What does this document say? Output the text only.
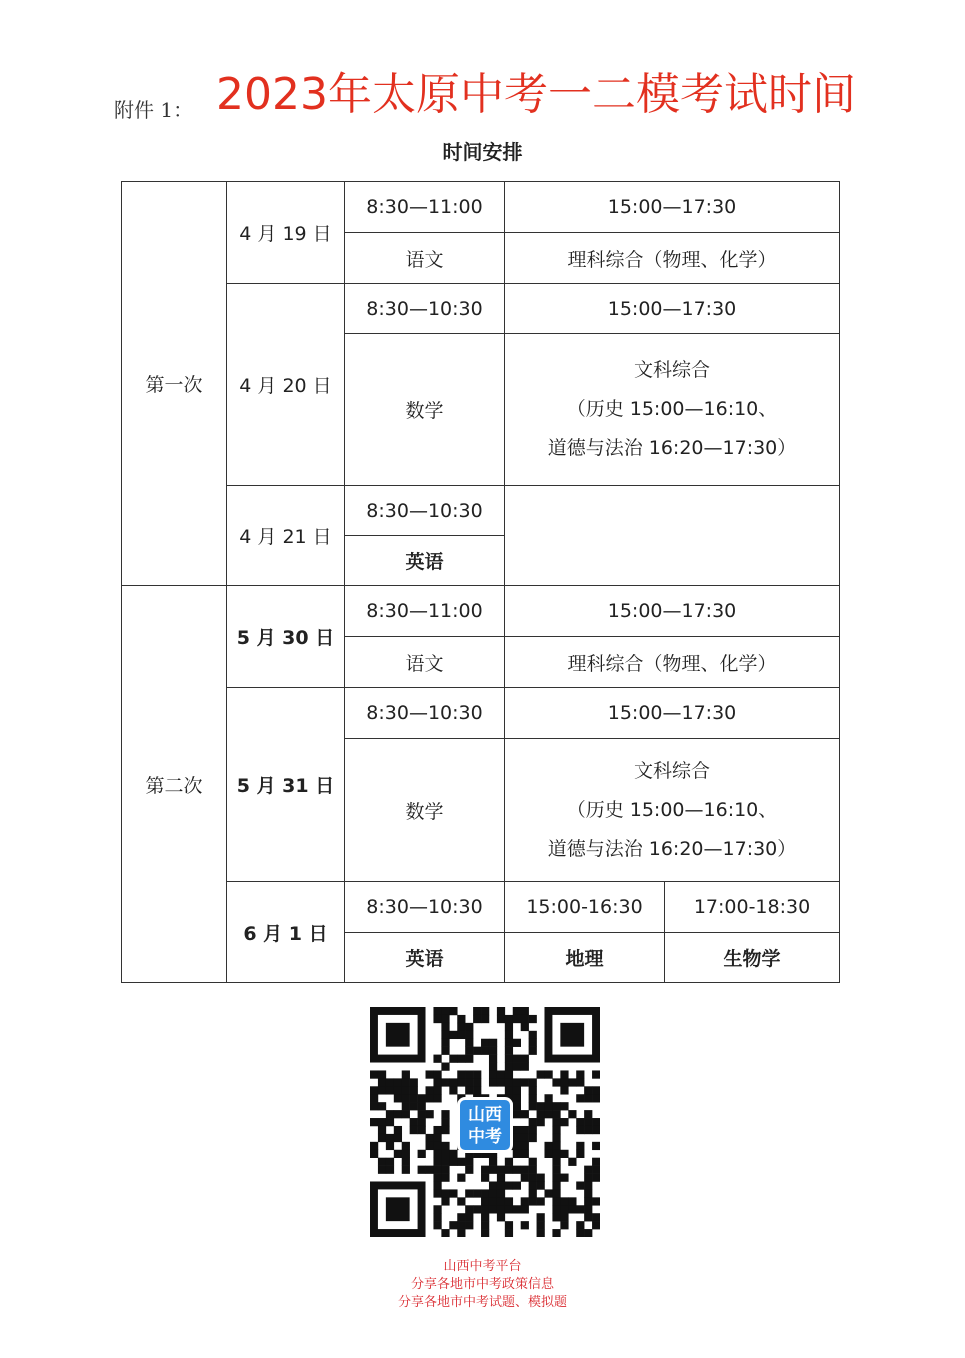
附件 1： 2023年太原中考一二模考试时间
时间安排
第一次	4 月 19 日	8:30—11:00	15:00—17:30	
		语文	理科综合（物理、化学）	
	4 月 20 日	8:30—10:30	15:00—17:30	
		数学	文科综合
（历史 15:00—16:10、
道德与法治 16:20—17:30）	

	4 月 21 日	8:30—10:30		
		英语		

第二次	5 月 30 日	8:30—11:00	15:00—17:30	
		语文	理科综合（物理、化学）	
	5 月 31 日	8:30—10:30	15:00—17:30	
		数学	文科综合
（历史 15:00—16:10、
道德与法治 16:20—17:30）	

	6 月 1 日	8:30—10:30	15:00-16:30	17:00-18:30
		英语	地理	生物学
山西
中考
山西中考平台
分享各地市中考政策信息
分享各地市中考试题、模拟题
